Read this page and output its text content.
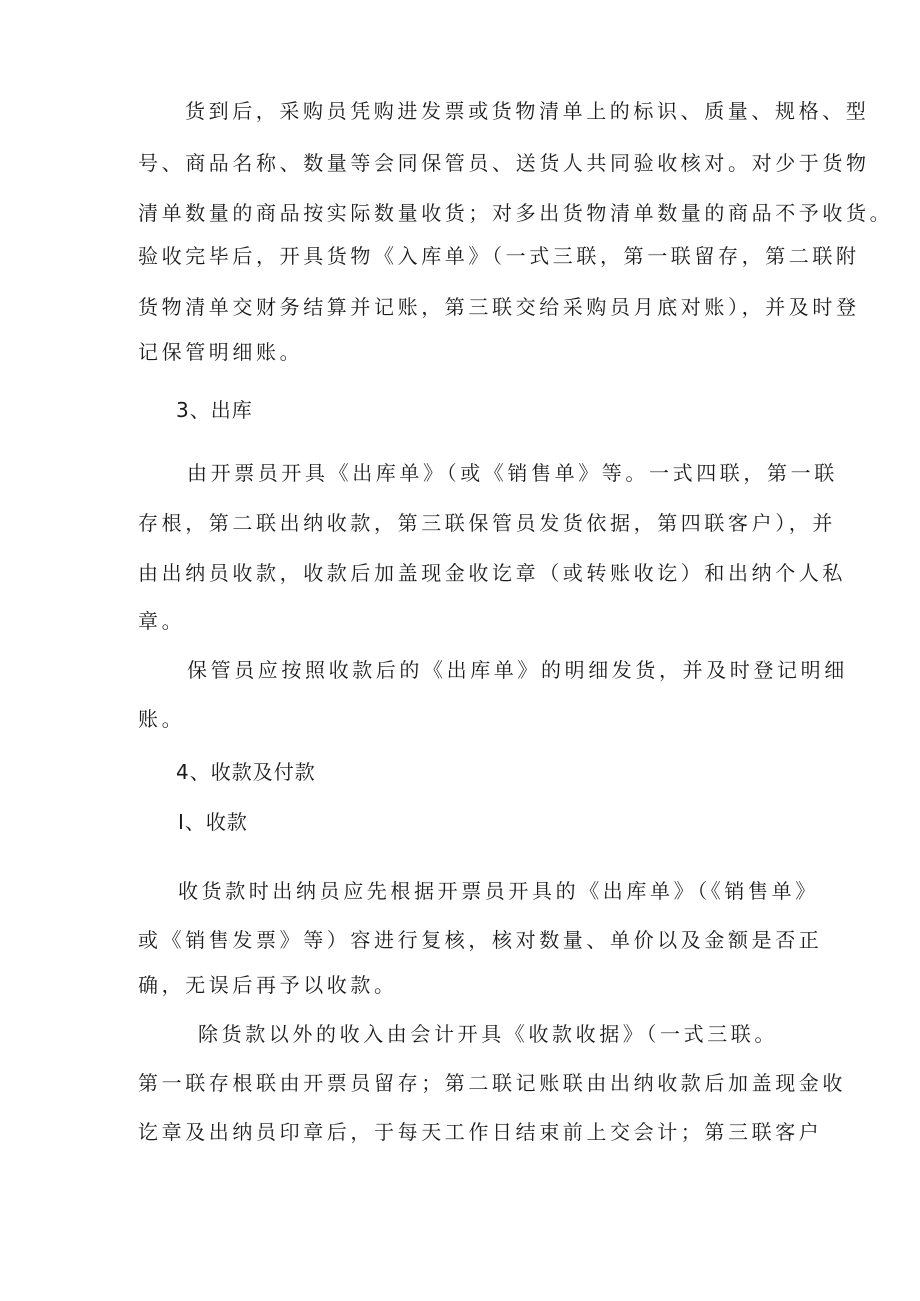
货到后，采购员凭购进发票或货物清单上的标识、质量、规格、型
号、商品名称、数量等会同保管员、送货人共同验收核对。对少于货物
清单数量的商品按实际数量收货；对多出货物清单数量的商品不予收货。
验收完毕后，开具货物《入库单》（一式三联，第一联留存，第二联附
货物清单交财务结算并记账，第三联交给采购员月底对账），并及时登
记保管明细账。
3、出库
由开票员开具《出库单》（或《销售单》等。一式四联，第一联
存根，第二联出纳收款，第三联保管员发货依据，第四联客户），并
由出纳员收款，收款后加盖现金收讫章（或转账收讫）和出纳个人私
章。
保管员应按照收款后的《出库单》的明细发货，并及时登记明细
账。
4、收款及付款
I、收款
收货款时出纳员应先根据开票员开具的《出库单》（《销售单》
或《销售发票》等）容进行复核，核对数量、单价以及金额是否正
确，无误后再予以收款。
除货款以外的收入由会计开具《收款收据》（一式三联。
第一联存根联由开票员留存；第二联记账联由出纳收款后加盖现金收
讫章及出纳员印章后，于每天工作日结束前上交会计；第三联客户
